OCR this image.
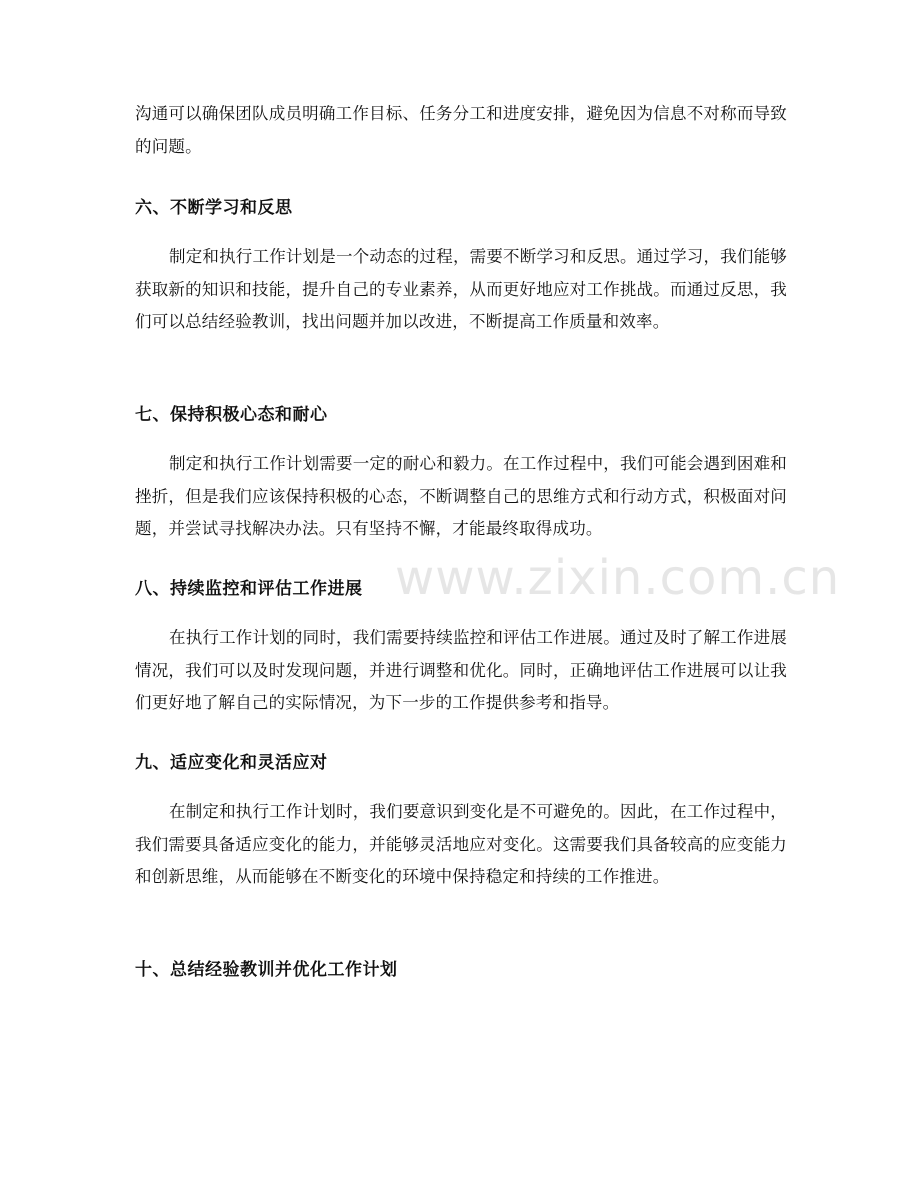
沟通可以确保团队成员明确工作目标、任务分工和进度安排，避免因为信息不对称而导致的问题。

六、不断学习和反思

制定和执行工作计划是一个动态的过程，需要不断学习和反思。通过学习，我们能够获取新的知识和技能，提升自己的专业素养，从而更好地应对工作挑战。而通过反思，我们可以总结经验教训，找出问题并加以改进，不断提高工作质量和效率。

七、保持积极心态和耐心

制定和执行工作计划需要一定的耐心和毅力。在工作过程中，我们可能会遇到困难和挫折，但是我们应该保持积极的心态，不断调整自己的思维方式和行动方式，积极面对问题，并尝试寻找解决办法。只有坚持不懈，才能最终取得成功。

八、持续监控和评估工作进展

在执行工作计划的同时，我们需要持续监控和评估工作进展。通过及时了解工作进展情况，我们可以及时发现问题，并进行调整和优化。同时，正确地评估工作进展可以让我们更好地了解自己的实际情况，为下一步的工作提供参考和指导。

九、适应变化和灵活应对

在制定和执行工作计划时，我们要意识到变化是不可避免的。因此，在工作过程中，我们需要具备适应变化的能力，并能够灵活地应对变化。这需要我们具备较高的应变能力和创新思维，从而能够在不断变化的环境中保持稳定和持续的工作推进。

十、总结经验教训并优化工作计划
www.zixin.com.cn
